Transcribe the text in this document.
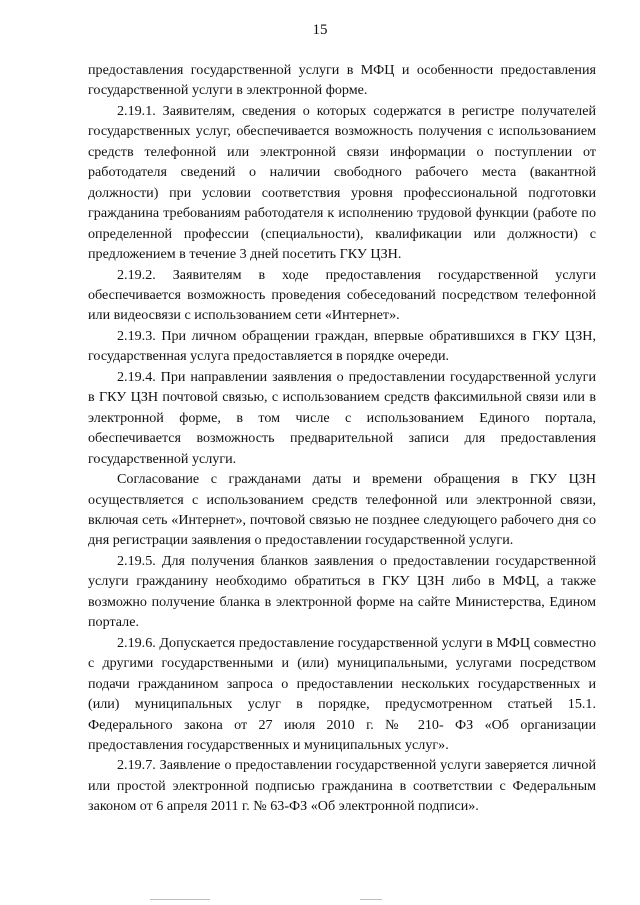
15

предоставления государственной услуги в МФЦ и особенности предоставления государственной услуги в электронной форме.

2.19.1. Заявителям, сведения о которых содержатся в регистре получателей государственных услуг, обеспечивается возможность получения с использованием средств телефонной или электронной связи информации о поступлении от работодателя сведений о наличии свободного рабочего места (вакантной должности) при условии соответствия уровня профессиональной подготовки гражданина требованиям работодателя к исполнению трудовой функции (работе по определенной профессии (специальности), квалификации или должности) с предложением в течение 3 дней посетить ГКУ ЦЗН.

2.19.2. Заявителям в ходе предоставления государственной услуги обеспечивается возможность проведения собеседований посредством телефонной или видеосвязи с использованием сети «Интернет».

2.19.3. При личном обращении граждан, впервые обратившихся в ГКУ ЦЗН, государственная услуга предоставляется в порядке очереди.

2.19.4. При направлении заявления о предоставлении государственной услуги в ГКУ ЦЗН почтовой связью, с использованием средств факсимильной связи или в электронной форме, в том числе с использованием Единого портала, обеспечивается возможность предварительной записи для предоставления государственной услуги.

Согласование с гражданами даты и времени обращения в ГКУ ЦЗН осуществляется с использованием средств телефонной или электронной связи, включая сеть «Интернет», почтовой связью не позднее следующего рабочего дня со дня регистрации заявления о предоставлении государственной услуги.

2.19.5. Для получения бланков заявления о предоставлении государственной услуги гражданину необходимо обратиться в ГКУ ЦЗН либо в МФЦ, а также возможно получение бланка в электронной форме на сайте Министерства, Едином портале.

2.19.6. Допускается предоставление государственной услуги в МФЦ совместно с другими государственными и (или) муниципальными, услугами посредством подачи гражданином запроса о предоставлении нескольких государственных и (или) муниципальных услуг в порядке, предусмотренном статьей 15.1. Федерального закона от 27 июля 2010 г. № 210- ФЗ «Об организации предоставления государственных и муниципальных услуг».

2.19.7. Заявление о предоставлении государственной услуги заверяется личной или простой электронной подписью гражданина в соответствии с Федеральным законом от 6 апреля 2011 г. № 63-ФЗ «Об электронной подписи».
